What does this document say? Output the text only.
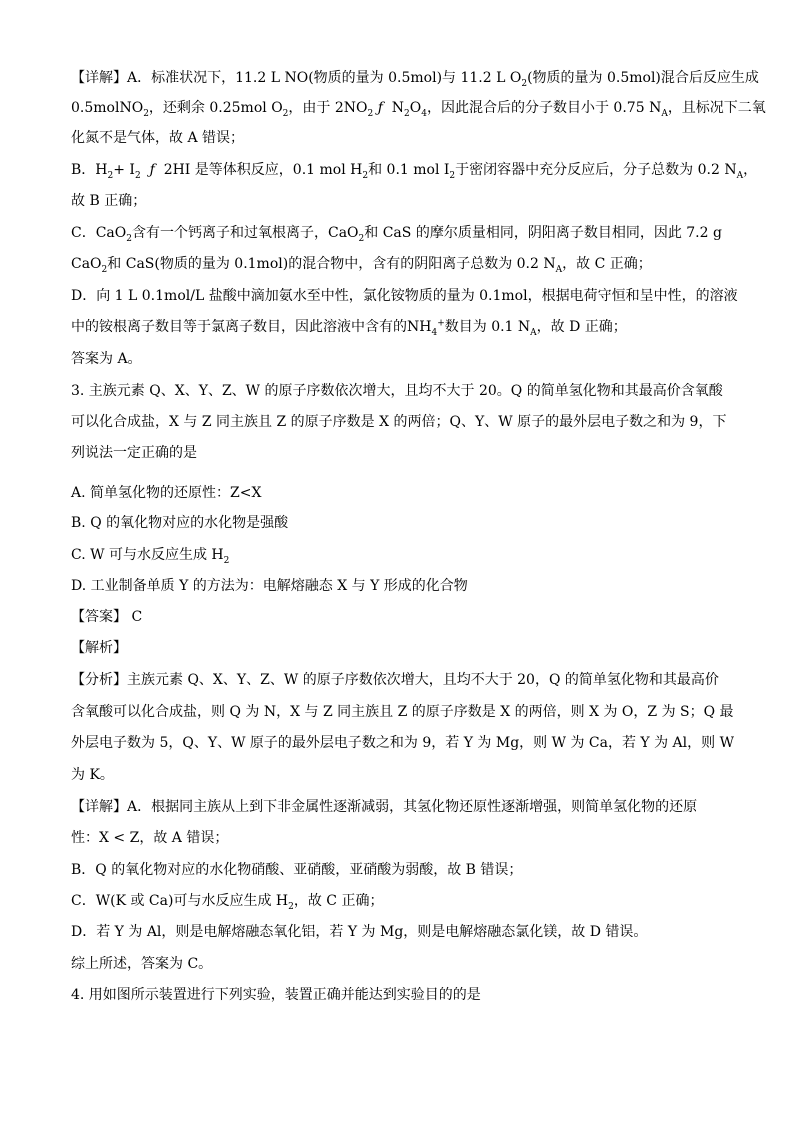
【详解】A．标准状况下，11.2 L NO(物质的量为 0.5mol)与 11.2 L $O_2$(物质的量为 0.5mol)混合后反应生成
0.5molNO$_2$，还剩余 0.25mol $O_2$，由于 $2NO_2$ ƒ  $N_2O_4$，因此混合后的分子数目小于 0.75 $N_A$，且标况下二氧
化氮不是气体，故 A 错误；
B．$H_2+ I_2$ ƒ 2HI 是等体积反应，0.1 mol $H_2$和 0.1 mol $I_2$于密闭容器中充分反应后，分子总数为 0.2 $N_A$，
故 B 正确；
C．CaO$_2$含有一个钙离子和过氧根离子，CaO$_2$和 CaS 的摩尔质量相同，阴阳离子数目相同，因此 7.2 g
CaO$_2$和 CaS(物质的量为 0.1mol)的混合物中，含有的阴阳离子总数为 0.2 $N_A$，故 C 正确；
D．向 1 L 0.1mol/L 盐酸中滴加氨水至中性，氯化铵物质的量为 0.1mol，根据电荷守恒和呈中性，的溶液
中的铵根离子数目等于氯离子数目，因此溶液中含有的$NH_4^+$数目为 0.1 $N_A$，故 D 正确；
答案为 A。
3. 主族元素 Q、X、Y、Z、W 的原子序数依次增大，且均不大于 20。Q 的简单氢化物和其最高价含氧酸
可以化合成盐，X 与 Z 同主族且 Z 的原子序数是 X 的两倍；Q、Y、W 原子的最外层电子数之和为 9，下
列说法一定正确的是
A. 简单氢化物的还原性：Z<X
B. Q 的氧化物对应的水化物是强酸
C. W 可与水反应生成 $H_2$
D. 工业制备单质 Y 的方法为：电解熔融态 X 与 Y 形成的化合物
【答案】 C
【解析】
【分析】主族元素 Q、X、Y、Z、W 的原子序数依次增大，且均不大于 20，Q 的简单氢化物和其最高价
含氧酸可以化合成盐，则 Q 为 N，X 与 Z 同主族且 Z 的原子序数是 X 的两倍，则 X 为 O，Z 为 S；Q 最
外层电子数为 5，Q、Y、W 原子的最外层电子数之和为 9，若 Y 为 Mg，则 W 为 Ca，若 Y 为 Al，则 W
为 K。
【详解】A．根据同主族从上到下非金属性逐渐减弱，其氢化物还原性逐渐增强，则简单氢化物的还原
性：X < Z，故 A 错误；
B．Q 的氧化物对应的水化物硝酸、亚硝酸，亚硝酸为弱酸，故 B 错误；
C．W(K 或 Ca)可与水反应生成 $H_2$，故 C 正确；
D．若 Y 为 Al，则是电解熔融态氧化铝，若 Y 为 Mg，则是电解熔融态氯化镁，故 D 错误。
综上所述，答案为 C。
4. 用如图所示装置进行下列实验，装置正确并能达到实验目的的是
